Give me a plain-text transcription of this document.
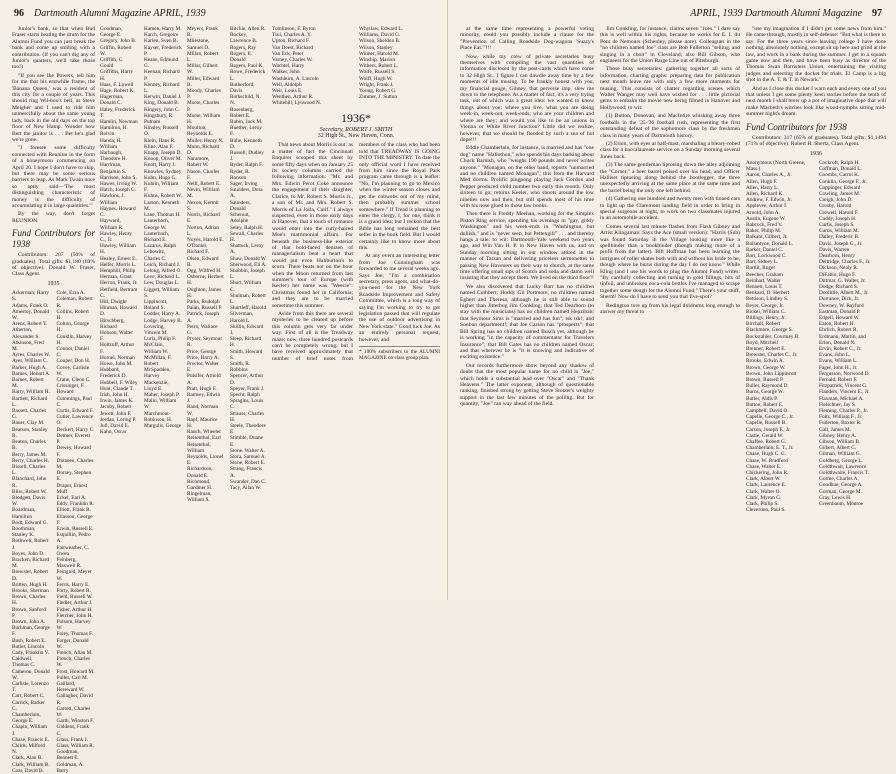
96 Dartmouth Alumni Magazine APRIL, 1939

Junior's bank, so that when Bud Fraser starts beating the drum for the Alumni Fund you can just break the bank and come up smiling with a contribution. (If you can't dig any of Junior's quarters, we'll take those too!)

"If you see Ike Powers, tell him for me that his erstwhile frame, the 'Banana Queen,' was a resident of this city for a couple of years. This should ring Wil-boo's bell, as Steve Meigher and I used to ride him unmercifully about the same young lady, back in the old days on the top floor of New Hamp. Wonder how Bert the janitor is . . . Bet he's glad we're gone.

"I foresee some difficulty connected with Reunion in the form of a honeymoon commencing on April 20. I hope I don't have to skip, but there may be some serious barriers to leap. As Mark Twain once so aptly said—'The most distinguishing characteristic of money is the difficulty of accumulating it in large quantities.'"

By the way, don't forget REUNION.

Fund Contributors for 1938

Contributors: 207 (50% of graduates). Total gifts: $1,180 (69% of objective). Donald W. Fraser, Class Agent.

1935
Ackerman, Harry S.
Adams, Frank O.
Amestoy, Donald W.
Arens, Robert Y.
Atherton, Alexander S.
Atkinson, Fred M.
Ayres, Charles W.
Ayer, William C.
Barker, Hugh A.
Barnes, Hobart A.
Barnes, Robert M.
Barry, William H.
Bartlett, Richard L.
Bassett, Charles G.
Bauer, Clay M.
Beatson, Stanley R.
Beaton, Charles B.
Berry, James M.
Berry, Charles H.
Bissell, Charles L.
Blanchard, John R.
Bliss, Robert W.
Blodgett, Davis W.
Boardman, Hamilton
Bodt, Edward G.
Boothman, Stanley K.
Bothwell, Robert J.
Boyes, John D.
Bracken, Richard M.
Brewster, Robert D.
Britten, Hugh H.
Brooks, Sherman
Brown, Charles H.
Brown, Sanford P.
Brown, John A.
Burhman, George F.
Bush, Robert E.
Butler, Lincoln
Cady, Franklin V.
Caldwell, Thomas C.
Cameron, Donald W.
Carlisle, Lorenzo T.
Carr, Robert C.
Carrick, Barker C.
Chamberlain, George E.
Chapin, William J.
Chase, Francis E.
Childs, Milford N.
Clark, Alan B.
Clark, William B.
Coat, David B.
Cole, Ezra A.
Coleman, Robert R.
Collins, Robert H.
Colton, George H.
Conklin, Harvey H.
Connor, Daniel C.
Cooper, Don H.
Covey, Carlisle W.
Crane, Cleon C.
Crissinger, F. Howard
Cummings, Paul C.
Curtis, Edward F.
Cutler, Lawrence O.
Deckert, Harry C.
Detmer, Everett P.
Dewey, Howard F.
Dinneen, Charles M.
Dorsey, Stephen E.
Draper, Ernest Muff
Eckel, Earl A.
Eddy, Franklin R.
Elliott, Frank R.
Eliasson, George F.
Erwin, Russell E.
Esquillin, Pedro A.
Fairweather, C. Owen
Feinberg, Maxwell R.
Feingold, Meyer W.
Ferris, Harry E.
Forty, Robert R.
Field, Russell W.
Fiedler, Arthur J.
Fisher, Arthur H.
Fletcher, John H.
Folsom, Harvey W.
Foley, Thomas F.
Forger, Donald W.
French, Allan M.
French, Charles W.
Frost, Howard M.
Fuller, Carl M.
Gaillard, Hereward W.
Gallagher, David R.
Garrett, Charles W.
Garth, Winston F.
Giddens, Frank C.
Glass, Frank J.
Glass, William R.
Goodman, Bennett E.
Goldman, A. Barry
Goodman, George E.
Gregory, John B.
Griffin, Robert W.
Griffith, C. Gould
Griffiths, Harry H.
Haas, F. Lowell
Hage, Robert K.
Hagerman, Donald C.
Haley, Frederick T.
Hamlin, Newman
Hamilton, H. Rolvin
Handa, H. William
Harbaugh, Theodore H.
Harriman, Benjamin S.
Harrison, John S.
Hawes, Irving W.
Hatch, Joseph G.
Hawkins, J. William
Haynes, Howard C.
Hayward, William R.
Hawley, Henry C., Jr.
Hawley, William H.
Healey, Ernest E.
Helfer, Morris L.
Hemphill, Philip
Herman, Grant
Herron, Frank, Jr.
Hetfield, Bertram C.
Hill, Dwight
Hinman, Howard D.
Hirschberg, Richard
Hobson, Walter F.
Holtzoff, Arthur F.
Hornel, Norman
Howe, John M.
Hubbard, Frederick D.
Hubbell, F. Wiley
Hunt, Claude T.
Irish, John H.
Irwin, James K.
Jacoby, Robert
Jewett, John F.
Jordan, Loring P.
Jull, David E.
Kahn, Oscar
Kamen, Harry M.
Karch, Gregoire
Karlen, Sven B.
Kayser, Frederick P.
Keane, Edmund G.
Keenan, Richard P.
Kenney, Richard L.
Kerwin, Daniel J.
King, Donald B.
Kingery, John C.
Kingsbury, R. Putnam
Kinsley, Russell O.
Klein, Hans R.
Kline, Alan F.
Knapp, Joseph D.
Knoop, Oliver M.
Knott, Harry J.
Knowles, Sydney
Kuhn, Hugo G.
Kuhlin, William F.
Kuhns, Robert W.
Larson, Kenneth M.
Lane, Thomas H.
Lauterbach, George W.
Lauterbach, Richard E.
Lazarus, Ralph
Lebowitz, Charles C.
Leich, Richard J.
Lelong, Alfred O.
Leve, Richard L.
Lew, Douglas L.
Liggett, William S.
Lippincott, Roland S.
Lodder, Harry A.
Lodge, Harvey B.
Lovering, Vincent M.
Luria, Philip F.
McClain, William W.
McMillan, F. Robert
McSpadden, Harvey
Mackenzie, Lloyd E.
Maher, Joseph P.
Malin, William W.
Marchmont-Robinson, H.
Margulis, George
Meyers, Frank R.
Milestone, Samuel D.
Millan, Robert L.
Millar, Gilbert W.
Miller, Edward B.
Moody, Charles P.
Morse, Charles P.
Morse, William H.
Moulton, Reynolds E.
Muller, Henry N.
Munn, Richard D.
Naramore, Robert W.
Nason, Charles F.
Neill, Robert E.
Nevin, William M.
Nexon, Kermit S.
Norris, Richard E.
Norton, Adrian L.
Noyes, Harold E.
O'Daniel, Richard F.
Olsen, Edward R.
Ogg, Wilfred H.
Osborne, Herbert H.
Oughton, James H.
Parks, Rudolph
Palan, Russell F.
Patrick, Joseph A.
Petro, Wallace G.
Pryser, Seymour R.
Price, George
Price, Harry A.
Proctor, Walter E.
Pulsifer, Arnold A.
Pratt, Hugh F.
Ramsey, Edwin J.
Rand, Norman W.
Rapf, Maurice H.
Rauch, Wheeler
Reisenthal, Earl
Reisenthal, William
Reynolds, Lionel E.
Richardson, Donald E.
Richmond, Gardiner H.
Ringelman, William S.
Ritchie, Allen R.
Rockey, Lawrence B.
Rogers, Ray
Rogers, E. Donald
Rogers, Paul K.
Rowe, Frederick L.
Rutherford, Davis
Rothschild, N. N.
Rosenberg, Robert E.
Rubin, Jack M.
Ruether, Leroy F.
Ruhe, Kenneth D.
Russell, Dudley J.
Ryder, Ralph F.
Ryder, R. Ronson
Sager, Irving
Saunders, Dora A.
Saunders, Donald
Schenuit, Adolphe
Seley, Ralph H.
Sewall, Charles H.
Shattuck, Leroy A.
Shaw, Donald W.
Sherwood, Eli A.
Shobbin, Joseph L.
Short, William C.
Shulman, Robert L.
Shurtleff, Harold
Silverman, Harold L.
Skillin, Edward J.
Sleep, Richard H.
Smith, Howard S.
Smith, R. Robbins
Spencer, Arthur D.
Speyer, Frank J.
Specht, Ralph
Spragins, Louis C.
Strauss, Charles H.
Steele, Theodore E.
Stimble, Duane E.
Stone, Walter A.
Stora, Samuel A.
Stone, Robert E.
Strang, Francis A.
Swander, Dan C.
Tacy, Allan W.
Tomlinson, F. Byron
Tsui, Charles A. Y.
Upton, Richard F.
Van Deest, Richard
Van Eck, Peter
Varney, Charles W.
Wachtel, Harry
Walker, John
Washburn, A. Lincoln
Weil, Aldolph
Weir, Louis E.
Wenthen, Arthur R.
Whitehill, Lynwood N.
Whytlaw, Edward L.
Williams, David G.
Wilson, Sheldon B.
Wilson, Stanley
Winner, Harold M.
Winship, Marion
Withers, Robert L.
Wolfe, Russell S.
Wolff, Hugh W.
Wright, Frank J.
Young, Robert G.
Zimmer, J. Sutton
1936*
Secretary, ROBERT J. SMITH
32 High St., New Haven, Conn.

That news about Morris is out: as a matter of fact the Cincinnati Enquirer scooped this sheet by some fifty days when on January 25 its society columns carried the following information: "Mr. and Mrs. Edwin Perot Coke announce the engagement of their daughter, Clarice, to Mr. Robert S. Morris Jr., a son of Mr. and Mrs. Robert S. Morris of La Jolla, Calif." I always suspected, even in those early days in Hanover, that a touch of romance would enter into the curly-haired Moe's matrimonial affairs. For beneath the business-like exterior of that bold-faced denizen of managerialism beat a heart that would put even Haliburton's to scorn. There beats not on the hour when the Moon returned from last summer's tour of Europe (with Kecler) her name was "Weecie": Christmas found her in California; and they are to be married sometime this summer.

Aside from this there are several mysteries to be cleared up before this column gets very far under way. First of all is the Treadway maze; now, three hundred postcards can't be completely wrong; but I have received approximately that number of brief notes from members of the class who had been told that TREADWAY IS GOING INTO THE MINISTRY. To date the only official word I have received from him since the Royal Park program came through is a leaflet: "No, I'm planning to go to Mexico when the winter season closes and get the cobwebs out of my mind, then probably summer school somewhere." If Tread is planning to enter the clergy, I, for one, think it is a grand idea; but I reckon that the Bible has long remained the best seller in the book field. But I would certainly like to know more about this.

At any event an interesting letter from Joe Cunningham was forwarded to me several weeks ago. Says Joe, "I'm a combination secretary, press agent, and what-do-you-need for the New York Roadside Improvement and Safety Committee, which is a long way of saying I'm working to try to get legislation passed that will regulate the use of outdoor advertising in New York state." Good luck Joe. As an entirely personal request, however, and

* 100% subscribers to the ALUMNI MAGAZINE on class group plan.
APRIL, 1939 Dartmouth Alumni Magazine 97

at the same time representing a powerful voting minority, could you possibly include a clause for the "Prevention of Calling Roadside Dog-wagons 'Suzzy's Place Eat.'"!!!

Now, while my crew of private secretaries busy themselves with compiling the vast quantities of information disclosed by the post-cards which have come to 32 High St., I figure I can dawdle away time by a few moments of idle musing. To be frankly honest with you, my financial gouge, Gibney, that perverse imp, slew me down to the telephone. As a matter of fact, it's a very trying task, out of which was a great idea: we wanted to know things about you: where you live, what you are doing week-in, week-out, week-ends; who are your children and where are they; and would you like to be an unions in Vienna or White River Junction? Little did we realize, however, that we should be flooded by such a sea of hot dope!!!

Eddie Chamberlain, for instance, is married and has "one dog" name "Hallothon," who spends his days barking about Chuck Barnish, who "weighs 190 pounds and never writes anyone." "Monagan, on the other hand, reports "unmarried and no children named Monagan"; this from the Harvard Med dorms. Prolific pingpong playing Jack Gordon and Pepper produced child number two early this month. Only sixteen to go; returns Keeler, who shoots around the low nineties now and then, but still spends most of his time with his nose glued to those law books.

Then there is Freddy Meehan, working for the Simplex Piston Ring service, spending his evenings in "gay, giddy Washington" and his week-ends in "Washington, but dullish," and is "never seen, but Pettengill" . . . and thereby hangs a tale: to wit: Dartmouth-Yale weekend two years ago, and Win Van H. P. in New Haven with us, and on Sunday morning sitting in our window attired in the manner of Tarzan and delivering priceless sermonettes to passing New Haveners on their way to church, at the same time offering small sips of Scotch and soda and damn well insisting that they accept them. We lived on the third floor!!

We also discovered that Lucky Barr has no children named Cuthbert; Hoddy Gil Portmore, no children named Egbert and Theresa, although he is still able to sound higher than Jitterbug Jim Conkling; that Ted Dearborn (to stay with the musicians) has no children named Hepzibah; that Seymour Sims is "married and has fun"; tsk tsk!; and Sonbun department!; that Joe Carson has "prospects"; that Bill Spring has no children named Busch yet, although he is working "in the capacity of commentator for Travelers Insurance"; that Bill Gates has no children named Oscar; and that wherever he is "it is snowing and indicative of exciting existence."

Our records furthermore show beyond any shadow of doubt that the most popular name for no child is "Joe," which holds a substantial lead over "Oscar" and "Thank Heavens." The latter exponent, although of questionable ranking, finished strong by getting Steve Stotzer's weighty support in the last few minutes of the polling. But for quantity, "Joe" ran way ahead of the field.

Jim Conkling, for instance, claims seven "Joes." I dare say this is well within his rights, because he works for E. I. du Pont de Nemours (Schenley, please note). Colleagues in the "no children named Joe" class are Bob Fullerton "selling, and singing in a choir" in Cleveland; also Bill Gibson, who engineers for the Union Barge Line out of Pittsburgh.

Those busy secretaries: gathering together all sorts of information, charting graphs: preparing data for publication next month leave me with only a few more moments for musing. This consists of chatter regarding scenes which Walter Wanger may well have wished for . . . little pictorial gems to embalm the movie now being filmed in Hanover and Hollywood; to wit:

(1) Button, Donovan, and MacIntire whisking away three footballs in the '35-'36 football rush, representing the first outstanding defeat of the sophomore class by the freshmen class in many years of Dartmouth history.

(2) Erion, with eyes at half-mast, marshaling a bleary-robed class for a baccalaureate service on a Sunday morning several Junes back.

(3) The same gentleman tiptoeing down the alley adjoining the "Corner," a beer barrel poised over his head, and Officer Halliset tiptoeing along behind the bootlegger, the three unexpectedly arriving at the same place at the same time and the barrel being the only one left behind.

(4) Gathering one hundred and twenty men with tinned cars to light up the Claremont landing field in order to bring in special surgeons at night, to work on two classmates injured in an automobile accident.

Comes several last minute flashes from Flash Gibney and Artist Klingaman: Says the Ace (small version): "Harris (Sub) was found Saturday in the Village looking more like a spellbinder than a bookbinder (though making more of a profit from the latter). Bill Hoffman has been learning the intrigues of roller skates both with and without his bride to be, though where he burns during the day I do not know." While Kling (and I use his words to plug the Alumni Fund) writes: "By carefully collecting and turning in gold fillings, bits of tinfoil, and unbroken coca-cola bottles I've managed to scrape together some dough for the Alumni Fund." There's your stuff, Sherm! Now do I have to send you that five-spot?

Redington tore up from his legal doldrums long enough to answer my threat to

"use my imagination if I didn't get some news from him." He came through, mostly in self-defense: "But what is there to say. For the three years since leaving college I have done nothing, absolutely nothing, except sit up here and grind at the law, and work in a bank during the summer. I get in a squash game now and then, and have been busy as director of the Thomas Swan Barristers Union, entertaining the visiting judges and selecting the docket for trials. El Camp is a big shot in the A. T. & T. in Newark."

And as I close this docket I warn each and every one of you that unless I get some plenty keen stories before the tenth of next month I shall brew up a pot of imaginative dope that will make Macbeth's witches look like wood-nymphs sitting mid-summer night's dream.

Fund Contributors for 1938

Contributors: 317 (65% of graduates). Total gifts: $1,1494 (71% of objective). Robert H. Shertz, Class Agent.

1936
Anonymous (North Greene, Mass.)
Aaron, Charles A., Jr.
Allen, Hugh F.
Allen, Harry L.
Allen, Richard K.
Andrew, F. Edwin, Jr.
Applevee, Arthur I.
Arnold, John A.
Austin, Eugene W.
Babcock, Fred V.
Baker, Philip M.
Balkam, Gilbert, Jr.
Ballantyne, Donald L.
Barker, Daniel C.
Barr, Lockwood C.
Barr, Sidney L.
Bartlit, Roger
Beecher, Graham
Beinhart, Walter
Bennett, Louis T.
Benkard, D. Herbert
Bettison, Lindley S.
Beyer, George, Jr.
Bickel, William C.
Billings, Henry, Jr.
Birchall, Robert
Blackmore, George S.
Bockstahler, Courtney B.
Boyd, Mitchell
Brenner, Robert E.
Brewster, Charles C., Jr.
Brooks, Edwin A.
Brown, George W.
Brown, John Lippincott
Brown, Russell P.
Buller, Raymond D.
Burns, George W.
Butler, Aldis P.
Button, Robert E.
Campbell, David O.
Capelle, George C., Jr.
Capelle, Russell B.
Carson, Joseph F., Jr.
Castle, Gerald W.
Chaffee, Robert G.
Chamberlain, E. T., Jr.
Chase, Hugh C. G.
Chase, W. Bradford
Chase, Walter E.
Chickering, John R.
Clark, Albert W.
Clark, Laurence E.
Clark, Walter O.
Clark, Myron G.
Clark, Philip S.
Cleverdon, Paul S.
Cockroft, Ralph H.
Coffman, Donald L.
Coombs, Carrol K.
Conklin, George F., Jr.
Coppinger, Edward
Cowling, James M.
Creigh, John D.
Crosby, Harold
Crowell, Harold F.
Cuddy, Joseph H.
Curtis, Joseph S.
Curtis, William M.
Dailey, Frederic B.
Davis, Joseph G., Jr.
Davis, Warren
Dearborn, Henry
Deltridge, Charles F., Jr.
Dickson, Nealy R.
DiFabio, Hugo F.
Dittmar, G. Walter, Jr.
Dodge, Richard S.
Doolittle, Albert M., Jr.
Dorrance, Dick, Jr.
Downey, W. Rayford
Eastman, Donald P.
Edgell, Howard W.
Eaton, Robert H.
Ehrlich, Robert R.
Erdmann, Martin, and
Erion, Donald N.
Ervin, Robert C., Jr.
Evans, John L.
Evans, William L.
Fager, John H., Jr.
Fergusson, Norwood D.
Fernald, Robert F.
Fitzpatrick, Vincent G.
Flanders, Vincent E., Jr.
Flaxman, Michael A.
Fleischner, Jay S.
Fleming, Charles P., Jr.
Foltz, William F., Jr.
Fullerton, Baxter R.
Gall, James M.
Gibney, Henry A.
Gibson, William B.
Gilbert, Albert C.
Gilman, William G.
Goldberg, George L.
Goldthwait, Lawrence
Goldthwaite, Francis T.
Gorme, Charles A.
Goodhue, George A.
Gorman, George M.
Gray, Lewis H.
Greenbaum, Monroe
